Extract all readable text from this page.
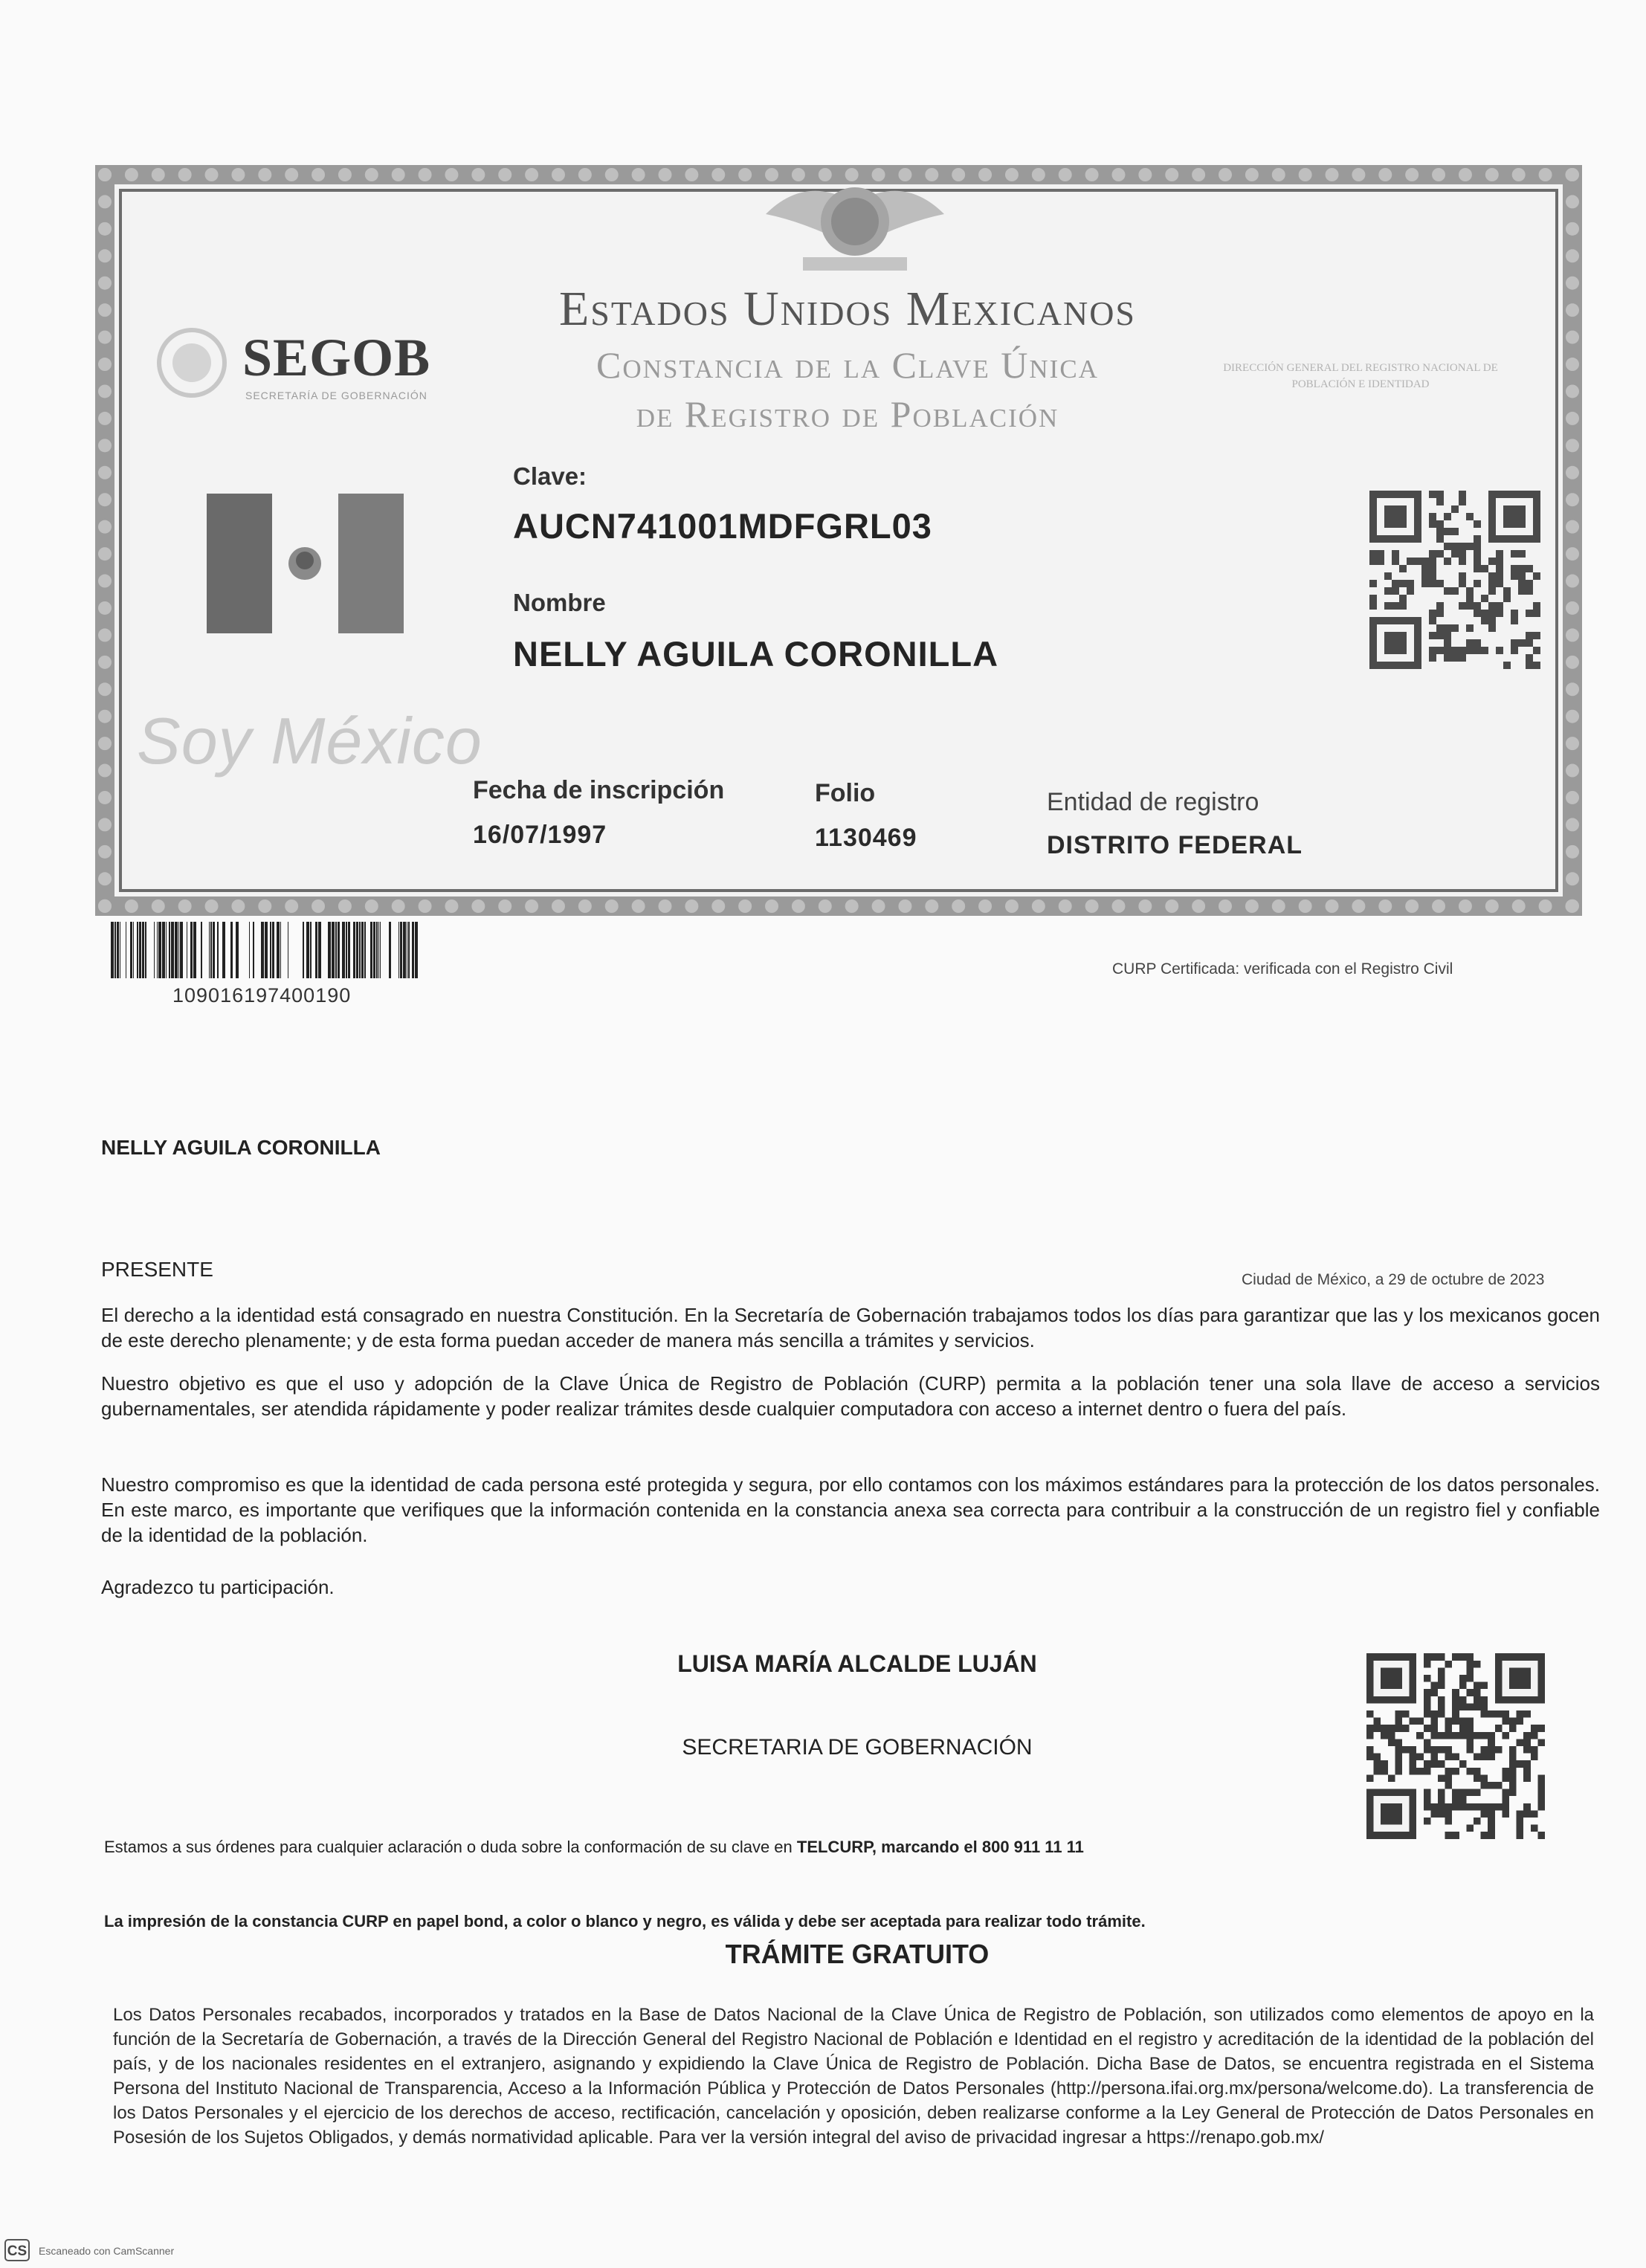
Estados Unidos Mexicanos
Constancia de la Clave Única
de Registro de Población
SEGOB
SECRETARÍA DE GOBERNACIÓN
DIRECCIÓN GENERAL DEL REGISTRO NACIONAL DE POBLACIÓN E IDENTIDAD
Clave:
AUCN741001MDFGRL03
Nombre
NELLY AGUILA CORONILLA
Soy México
Fecha de inscripción
16/07/1997
Folio
1130469
Entidad de registro
DISTRITO FEDERAL
109016197400190
CURP Certificada: verificada con el Registro Civil
NELLY AGUILA CORONILLA
PRESENTE	Ciudad de México, a 29 de octubre de 2023
El derecho a la identidad está consagrado en nuestra Constitución. En la Secretaría de Gobernación trabajamos todos los días para garantizar que las y los mexicanos gocen de este derecho plenamente; y de esta forma puedan acceder de manera más sencilla a trámites y servicios.
Nuestro objetivo es que el uso y adopción de la Clave Única de Registro de Población (CURP) permita a la población tener una sola llave de acceso a servicios gubernamentales, ser atendida rápidamente y poder realizar trámites desde cualquier computadora con acceso a internet dentro o fuera del país.
Nuestro compromiso es que la identidad de cada persona esté protegida y segura, por ello contamos con los máximos estándares para la protección de los datos personales. En este marco, es importante que verifiques que la información contenida en la constancia anexa sea correcta para contribuir a la construcción de un registro fiel y confiable de la identidad de la población.
Agradezco tu participación.
LUISA MARÍA ALCALDE LUJÁN
SECRETARIA DE GOBERNACIÓN
Estamos a sus órdenes para cualquier aclaración o duda sobre la conformación de su clave en TELCURP, marcando el 800 911 11 11
La impresión de la constancia CURP en papel bond, a color o blanco y negro, es válida y debe ser aceptada para realizar todo trámite.
TRÁMITE GRATUITO
Los Datos Personales recabados, incorporados y tratados en la Base de Datos Nacional de la Clave Única de Registro de Población, son utilizados como elementos de apoyo en la función de la Secretaría de Gobernación, a través de la Dirección General del Registro Nacional de Población e Identidad en el registro y acreditación de la identidad de la población del país, y de los nacionales residentes en el extranjero, asignando y expidiendo la Clave Única de Registro de Población. Dicha Base de Datos, se encuentra registrada en el Sistema Persona del Instituto Nacional de Transparencia, Acceso a la Información Pública y Protección de Datos Personales (http://persona.ifai.org.mx/persona/welcome.do). La transferencia de los Datos Personales y el ejercicio de los derechos de acceso, rectificación, cancelación y oposición, deben realizarse conforme a la Ley General de Protección de Datos Personales en Posesión de los Sujetos Obligados, y demás normatividad aplicable. Para ver la versión integral del aviso de privacidad ingresar a https://renapo.gob.mx/
CS Escaneado con CamScanner
